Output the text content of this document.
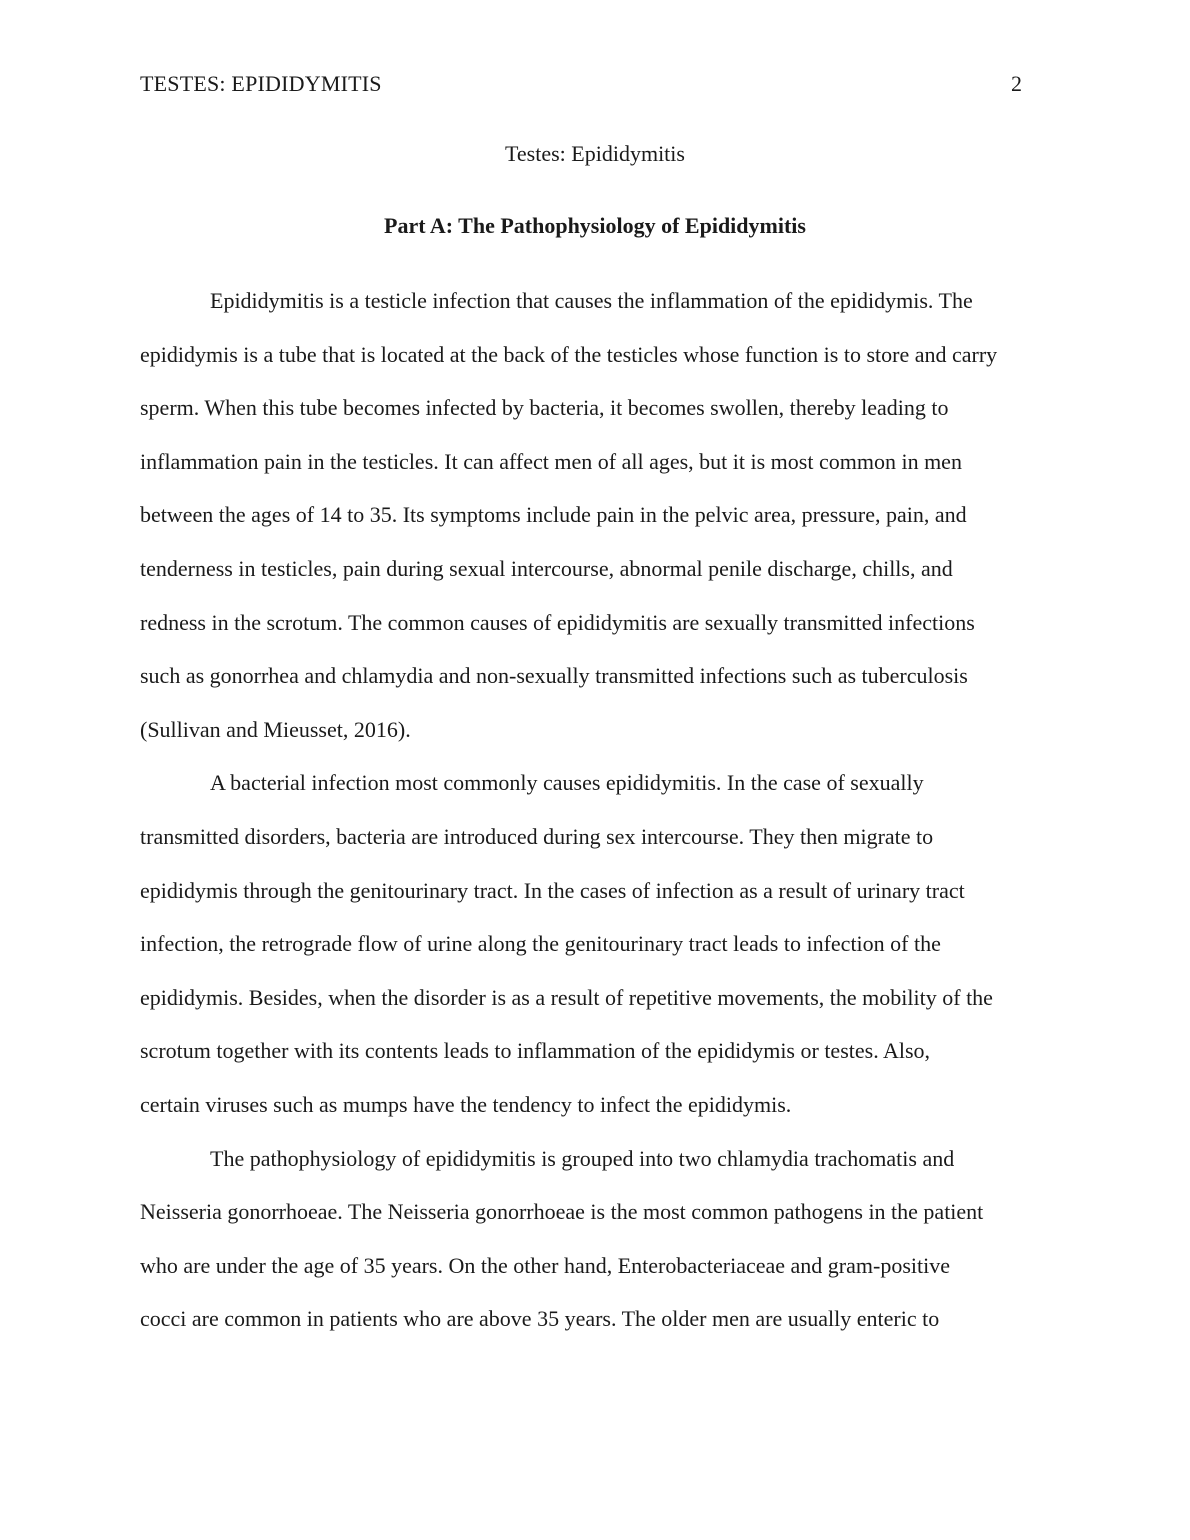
TESTES: EPIDIDYMITIS	2
Testes: Epididymitis
Part A: The Pathophysiology of Epididymitis
Epididymitis is a testicle infection that causes the inflammation of the epididymis. The
epididymis is a tube that is located at the back of the testicles whose function is to store and carry
sperm. When this tube becomes infected by bacteria, it becomes swollen, thereby leading to
inflammation pain in the testicles. It can affect men of all ages, but it is most common in men
between the ages of 14 to 35. Its symptoms include pain in the pelvic area, pressure, pain, and
tenderness in testicles, pain during sexual intercourse, abnormal penile discharge, chills, and
redness in the scrotum. The common causes of epididymitis are sexually transmitted infections
such as gonorrhea and chlamydia and non-sexually transmitted infections such as tuberculosis
(Sullivan and Mieusset, 2016).
A bacterial infection most commonly causes epididymitis. In the case of sexually
transmitted disorders, bacteria are introduced during sex intercourse. They then migrate to
epididymis through the genitourinary tract. In the cases of infection as a result of urinary tract
infection, the retrograde flow of urine along the genitourinary tract leads to infection of the
epididymis. Besides, when the disorder is as a result of repetitive movements, the mobility of the
scrotum together with its contents leads to inflammation of the epididymis or testes. Also,
certain viruses such as mumps have the tendency to infect the epididymis.
The pathophysiology of epididymitis is grouped into two chlamydia trachomatis and
Neisseria gonorrhoeae. The Neisseria gonorrhoeae is the most common pathogens in the patient
who are under the age of 35 years. On the other hand, Enterobacteriaceae and gram-positive
cocci are common in patients who are above 35 years. The older men are usually enteric to
